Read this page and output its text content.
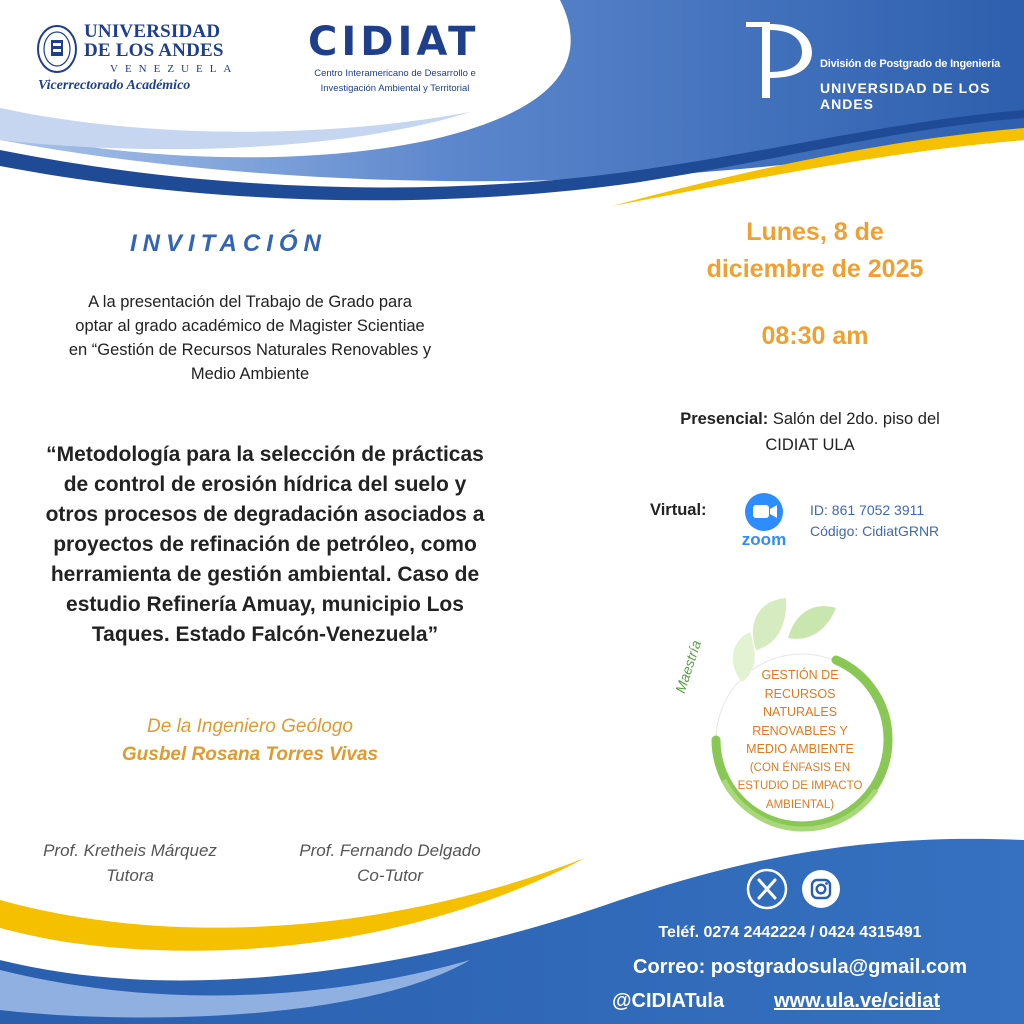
UNIVERSIDAD
DE LOS ANDES
VENEZUELA
Vicerrectorado Académico
CIDIAT
Centro Interamericano de Desarrollo e
Investigación Ambiental y Territorial
División de Postgrado de Ingeniería
UNIVERSIDAD DE LOS ANDES
INVITACIÓN
A la presentación del Trabajo de Grado para
optar al grado académico de Magister Scientiae
en “Gestión de Recursos Naturales Renovables y
Medio Ambiente
“Metodología para la selección de prácticas
de control de erosión hídrica del suelo y
otros procesos de degradación asociados a
proyectos de refinación de petróleo, como
herramienta de gestión ambiental. Caso de
estudio Refinería Amuay, municipio Los
Taques. Estado Falcón-Venezuela”
De la Ingeniero Geólogo
Gusbel Rosana Torres Vivas
Prof. Kretheis Márquez
Tutora
Prof. Fernando Delgado
Co-Tutor
Lunes, 8 de
diciembre de 2025
08:30 am
Presencial: Salón del 2do. piso del
CIDIAT ULA
Virtual:
zoom
ID: 861 7052 3911
Código: CidiatGRNR
Maestría	GESTIÓN DE
RECURSOS
NATURALES
RENOVABLES Y
MEDIO AMBIENTE
(CON ÉNFASIS EN
ESTUDIO DE IMPACTO
AMBIENTAL)
Teléf. 0274 2442224 / 0424 4315491
Correo: postgradosula@gmail.com
@CIDIATula www.ula.ve/cidiat
